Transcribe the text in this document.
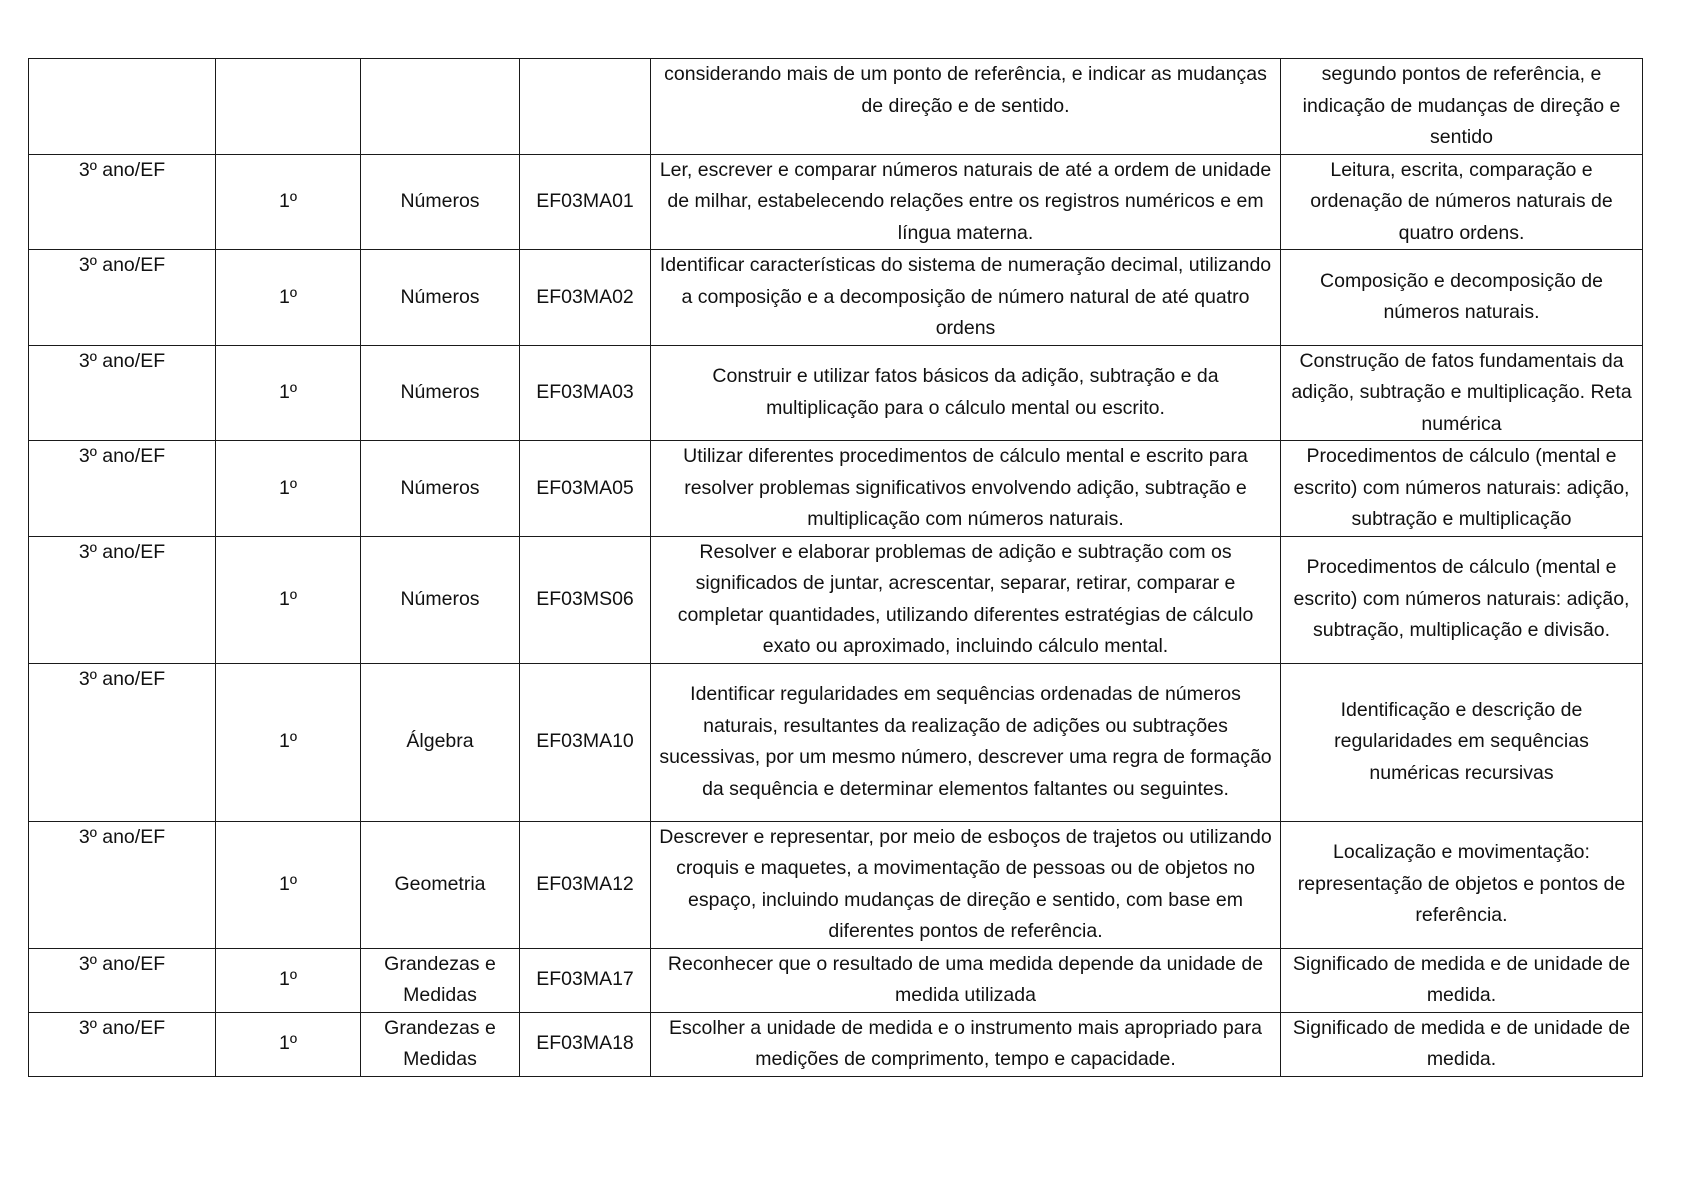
				considerando mais de um ponto de referência, e indicar as mudanças de direção e de sentido.	segundo pontos de referência, e indicação de mudanças de direção e sentido
3º ano/EF	1º	Números	EF03MA01	Ler, escrever e comparar números naturais de até a ordem de unidade de milhar, estabelecendo relações entre os registros numéricos e em língua materna.	Leitura, escrita, comparação e ordenação de números naturais de quatro ordens.
3º ano/EF	1º	Números	EF03MA02	Identificar características do sistema de numeração decimal, utilizando a composição e a decomposição de número natural de até quatro ordens	Composição e decomposição de números naturais.
3º ano/EF	1º	Números	EF03MA03	Construir e utilizar fatos básicos da adição, subtração e da multiplicação para o cálculo mental ou escrito.	Construção de fatos fundamentais da adição, subtração e multiplicação. Reta numérica
3º ano/EF	1º	Números	EF03MA05	Utilizar diferentes procedimentos de cálculo mental e escrito para resolver problemas significativos envolvendo adição, subtração e multiplicação com números naturais.	Procedimentos de cálculo (mental e escrito) com números naturais: adição, subtração e multiplicação
3º ano/EF	1º	Números	EF03MS06	Resolver e elaborar problemas de adição e subtração com os significados de juntar, acrescentar, separar, retirar, comparar e completar quantidades, utilizando diferentes estratégias de cálculo exato ou aproximado, incluindo cálculo mental.	Procedimentos de cálculo (mental e escrito) com números naturais: adição, subtração, multiplicação e divisão.
3º ano/EF	1º	Álgebra	EF03MA10	Identificar regularidades em sequências ordenadas de números naturais, resultantes da realização de adições ou subtrações sucessivas, por um mesmo número, descrever uma regra de formação da sequência e determinar elementos faltantes ou seguintes.	Identificação e descrição de regularidades em sequências numéricas recursivas
3º ano/EF	1º	Geometria	EF03MA12	Descrever e representar, por meio de esboços de trajetos ou utilizando croquis e maquetes, a movimentação de pessoas ou de objetos no espaço, incluindo mudanças de direção e sentido, com base em diferentes pontos de referência.	Localização e movimentação: representação de objetos e pontos de referência.
3º ano/EF	1º	Grandezas e Medidas	EF03MA17	Reconhecer que o resultado de uma medida depende da unidade de medida utilizada	Significado de medida e de unidade de medida.
3º ano/EF	1º	Grandezas e Medidas	EF03MA18	Escolher a unidade de medida e o instrumento mais apropriado para medições de comprimento, tempo e capacidade.	Significado de medida e de unidade de medida.
